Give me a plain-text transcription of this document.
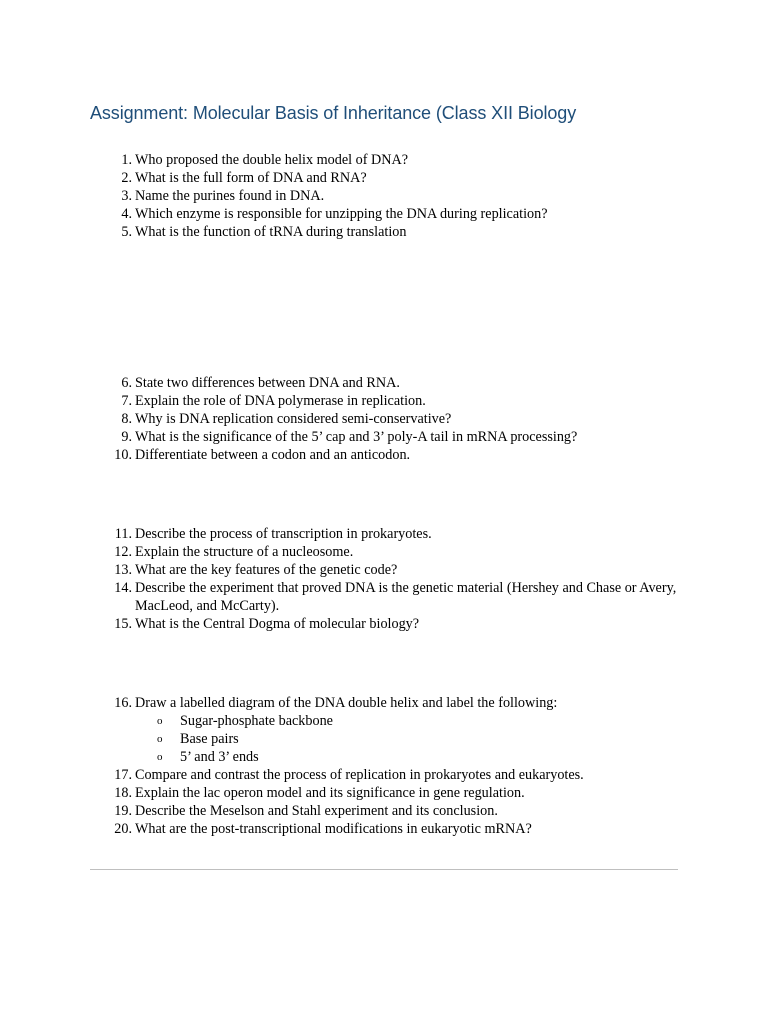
Assignment: Molecular Basis of Inheritance (Class XII Biology
1. Who proposed the double helix model of DNA?
2. What is the full form of DNA and RNA?
3. Name the purines found in DNA.
4. Which enzyme is responsible for unzipping the DNA during replication?
5. What is the function of tRNA during translation
6. State two differences between DNA and RNA.
7. Explain the role of DNA polymerase in replication.
8. Why is DNA replication considered semi-conservative?
9. What is the significance of the 5’ cap and 3’ poly-A tail in mRNA processing?
10. Differentiate between a codon and an anticodon.
11. Describe the process of transcription in prokaryotes.
12. Explain the structure of a nucleosome.
13. What are the key features of the genetic code?
14. Describe the experiment that proved DNA is the genetic material (Hershey and Chase or Avery, MacLeod, and McCarty).
15. What is the Central Dogma of molecular biology?
16. Draw a labelled diagram of the DNA double helix and label the following:
o Sugar-phosphate backbone
o Base pairs
o 5’ and 3’ ends
17. Compare and contrast the process of replication in prokaryotes and eukaryotes.
18. Explain the lac operon model and its significance in gene regulation.
19. Describe the Meselson and Stahl experiment and its conclusion.
20. What are the post-transcriptional modifications in eukaryotic mRNA?
